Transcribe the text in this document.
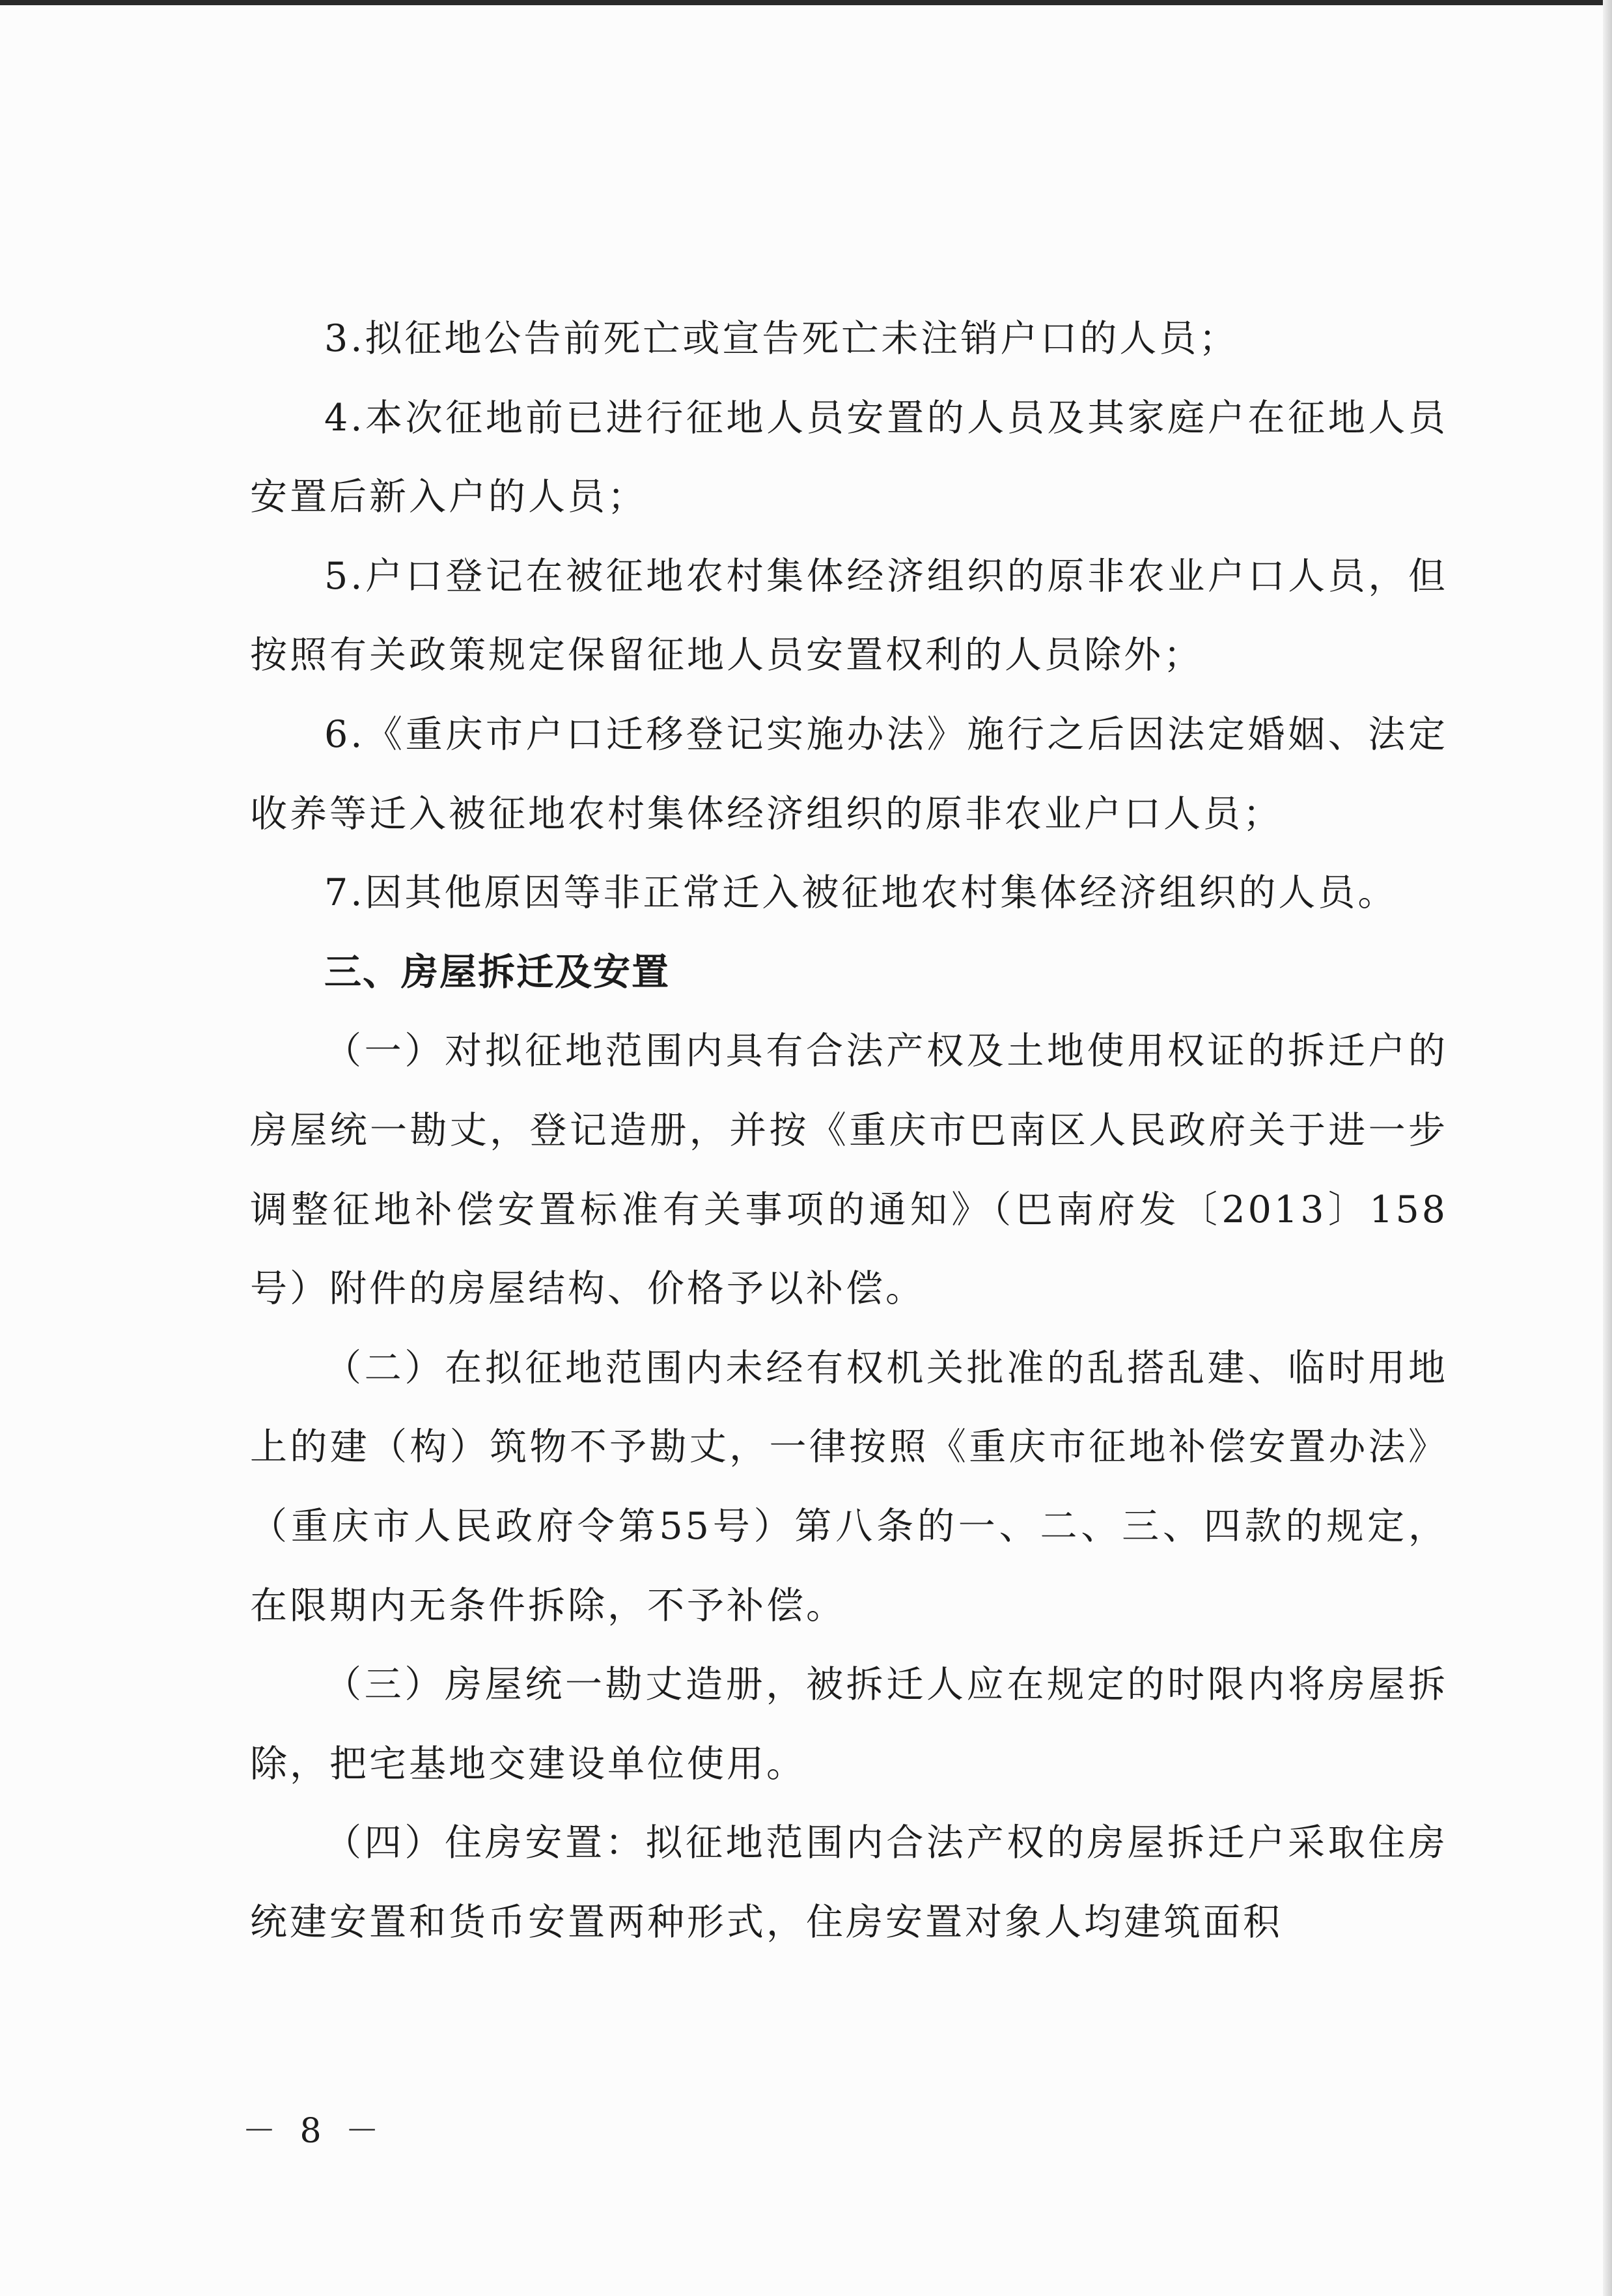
3.拟征地公告前死亡或宣告死亡未注销户口的人员；

4.本次征地前已进行征地人员安置的人员及其家庭户在征地人员安置后新入户的人员；

5.户口登记在被征地农村集体经济组织的原非农业户口人员，但按照有关政策规定保留征地人员安置权利的人员除外；

6.《重庆市户口迁移登记实施办法》施行之后因法定婚姻、法定收养等迁入被征地农村集体经济组织的原非农业户口人员；

7.因其他原因等非正常迁入被征地农村集体经济组织的人员。

三、房屋拆迁及安置

（一）对拟征地范围内具有合法产权及土地使用权证的拆迁户的房屋统一勘丈，登记造册，并按《重庆市巴南区人民政府关于进一步调整征地补偿安置标准有关事项的通知》（巴南府发〔2013〕158号）附件的房屋结构、价格予以补偿。

（二）在拟征地范围内未经有权机关批准的乱搭乱建、临时用地上的建（构）筑物不予勘丈，一律按照《重庆市征地补偿安置办法》（重庆市人民政府令第55号）第八条的一、二、三、四款的规定，在限期内无条件拆除，不予补偿。

（三）房屋统一勘丈造册，被拆迁人应在规定的时限内将房屋拆除，把宅基地交建设单位使用。

（四）住房安置：拟征地范围内合法产权的房屋拆迁户采取住房统建安置和货币安置两种形式，住房安置对象人均建筑面积

－ 8 －
